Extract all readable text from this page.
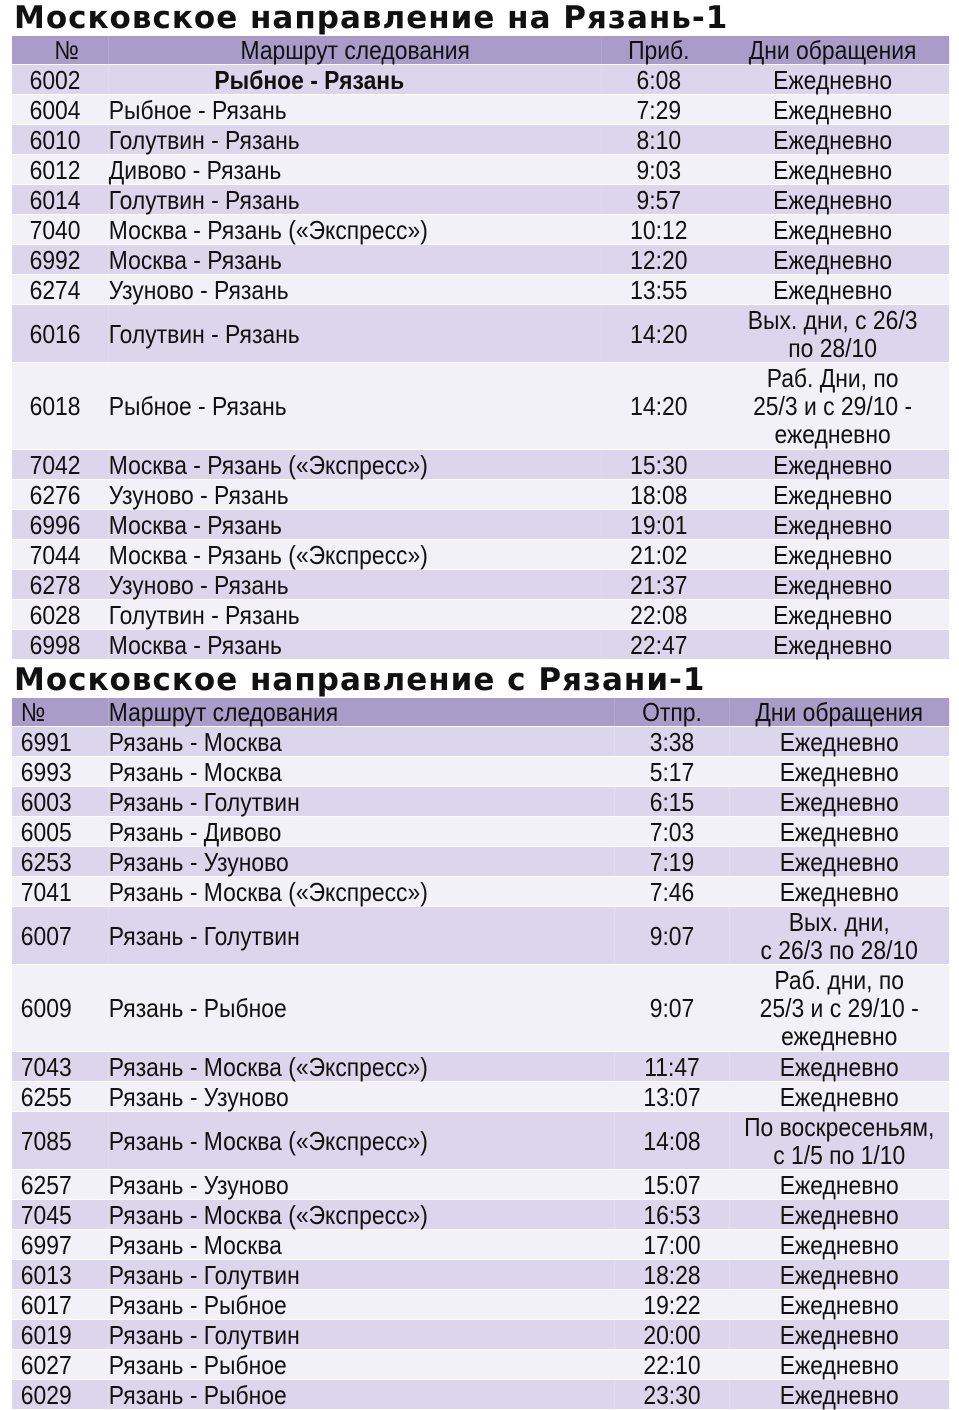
Московское направление на Рязань-1
№	Маршрут следования	Приб.	Дни обращения
6002	Рыбное - Рязань	6:08	Ежедневно

6004	Рыбное - Рязань	7:29	Ежедневно

6010	Голутвин - Рязань	8:10	Ежедневно

6012	Дивово - Рязань	9:03	Ежедневно

6014	Голутвин - Рязань	9:57	Ежедневно

7040	Москва - Рязань («Экспресс»)	10:12	Ежедневно

6992	Москва - Рязань	12:20	Ежедневно

6274	Узуново - Рязань	13:55	Ежедневно

6016	Голутвин - Рязань	14:20	Вых. дни, с 26/3
по 28/10

6018	Рыбное - Рязань	14:20	Раб. Дни, по
25/3 и с 29/10 -
ежедневно

7042	Москва - Рязань («Экспресс»)	15:30	Ежедневно

6276	Узуново - Рязань	18:08	Ежедневно

6996	Москва - Рязань	19:01	Ежедневно

7044	Москва - Рязань («Экспресс»)	21:02	Ежедневно

6278	Узуново - Рязань	21:37	Ежедневно

6028	Голутвин - Рязань	22:08	Ежедневно

6998	Москва - Рязань	22:47	Ежедневно
Московское направление с Рязани-1
№	Маршрут следования	Отпр.	Дни обращения
6991	Рязань - Москва	3:38	Ежедневно

6993	Рязань - Москва	5:17	Ежедневно

6003	Рязань - Голутвин	6:15	Ежедневно

6005	Рязань - Дивово	7:03	Ежедневно

6253	Рязань - Узуново	7:19	Ежедневно

7041	Рязань - Москва («Экспресс»)	7:46	Ежедневно

6007	Рязань - Голутвин	9:07	Вых. дни,
с 26/3 по 28/10

6009	Рязань - Рыбное	9:07	Раб. дни, по
25/3 и с 29/10 -
ежедневно

7043	Рязань - Москва («Экспресс»)	11:47	Ежедневно

6255	Рязань - Узуново	13:07	Ежедневно

7085	Рязань - Москва («Экспресс»)	14:08	По воскресеньям,
с 1/5 по 1/10

6257	Рязань - Узуново	15:07	Ежедневно

7045	Рязань - Москва («Экспресс»)	16:53	Ежедневно

6997	Рязань - Москва	17:00	Ежедневно

6013	Рязань - Голутвин	18:28	Ежедневно

6017	Рязань - Рыбное	19:22	Ежедневно

6019	Рязань - Голутвин	20:00	Ежедневно

6027	Рязань - Рыбное	22:10	Ежедневно

6029	Рязань - Рыбное	23:30	Ежедневно
